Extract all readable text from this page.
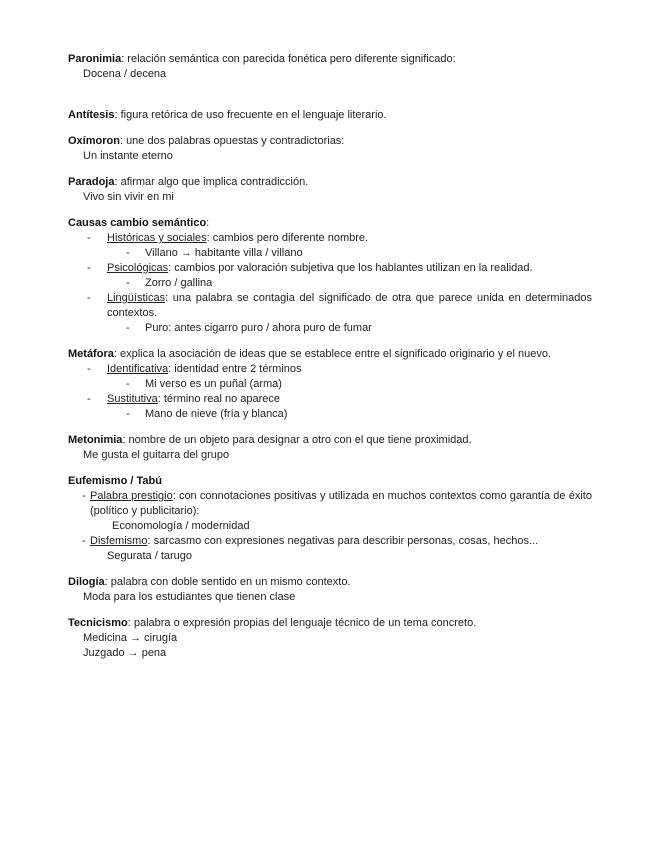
Paronimia: relación semántica con parecida fonética pero diferente significado:
Docena / decena
Antítesis: figura retórica de uso frecuente en el lenguaje literario.
Oxímoron: une dos palabras opuestas y contradictorias:
Un instante eterno
Paradoja: afirmar algo que implica contradicción.
Vivo sin vivir en mi
Causas cambio semántico:
-	Históricas y sociales: cambios pero diferente nombre.
-	Villano → habitante villa / villano
-	Psicológicas: cambios por valoración subjetiva que los hablantes utilizan en la realidad.
-	Zorro / gallina
-	Lingüísticas: una palabra se contagia del significado de otra que parece unida en determinados contextos.
-	Puro: antes cigarro puro / ahora puro de fumar
Metáfora: explica la asociación de ideas que se establece entre el significado originario y el nuevo.
-	Identificativa: identidad entre 2 términos
-	Mi verso es un puñal (arma)
-	Sustitutiva: término real no aparece
-	Mano de nieve (fría y blanca)
Metonimia: nombre de un objeto para designar a otro con el que tiene proximidad.
Me gusta el guitarra del grupo
Eufemismo / Tabú
- Palabra prestigio: con connotaciones positivas y utilizada en muchos contextos como garantía de éxito (político y publicitario):
Economología / modernidad
- Disfemismo: sarcasmo con expresiones negativas para describir personas, cosas, hechos...
Segurata / tarugo
Dilogía: palabra con doble sentido en un mismo contexto.
Moda para los estudiantes que tienen clase
Tecnicismo: palabra o expresión propias del lenguaje técnico de un tema concreto.
Medicina → cirugía
Juzgado → pena
